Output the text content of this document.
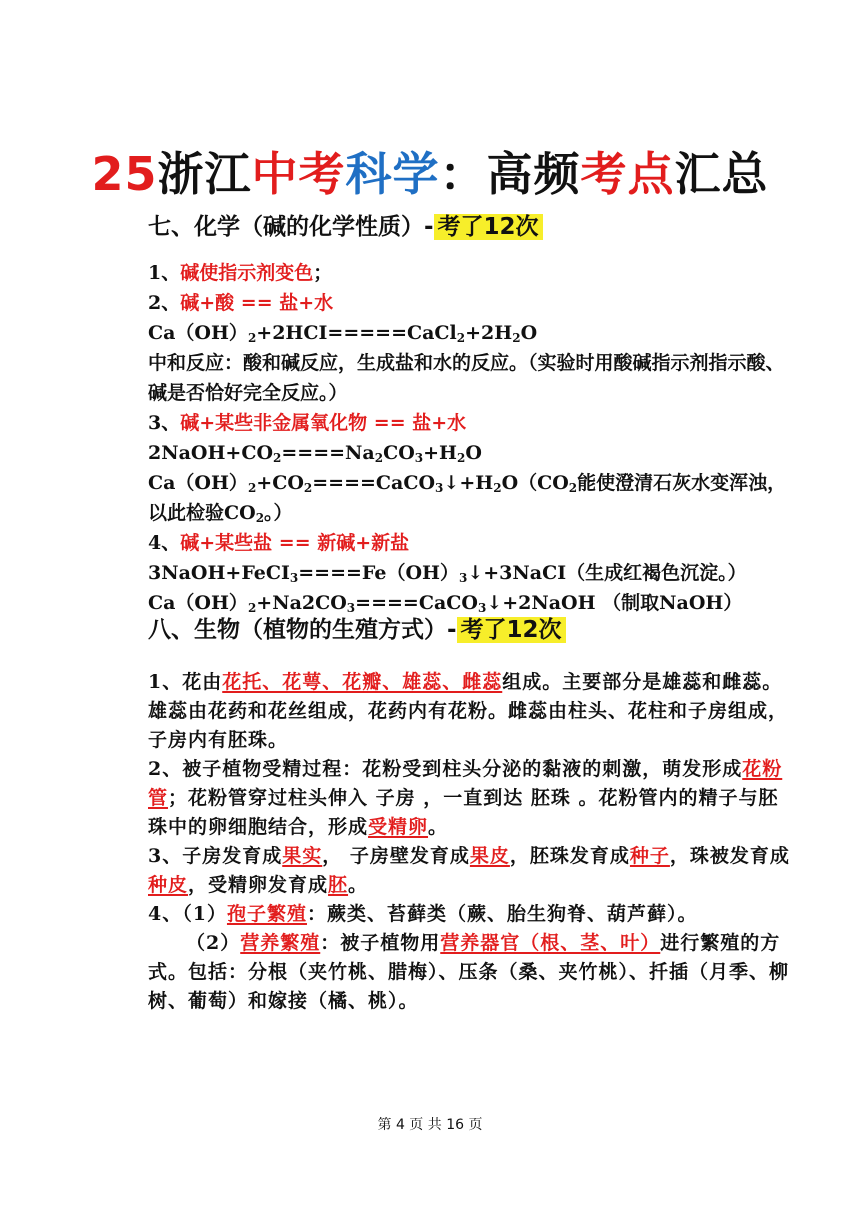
25浙江中考科学：高频考点汇总
七、化学（碱的化学性质）- 考了12次
1、碱使指示剂变色；
2、碱+酸 == 盐+水
$Ca(OH)_2+2HCI=====CaCl_2+2H_2O$
中和反应：酸和碱反应，生成盐和水的反应。（实验时用酸碱指示剂指示酸、碱是否恰好完全反应。）
3、碱+某些非金属氧化物 == 盐+水
$2NaOH+CO_2====Na_2CO_3+H_2O$
$Ca(OH)_2+CO_2====CaCO_3↓+H_2O(CO_2$能使澄清石灰水变浑浊，以此检验$CO_2$。）
4、碱+某些盐 == 新碱+新盐
$3NaOH+FeCI_3====Fe(OH)_3↓+3NaCI$（生成红褐色沉淀。）
$Ca(OH)_2+Na2CO_3====CaCO_3↓+2NaOH$ （制取NaOH）
八、生物（植物的生殖方式）- 考了12次
1、花由花托、花萼、花瓣、雄蕊、雌蕊组成。主要部分是雄蕊和雌蕊。雄蕊由花药和花丝组成，花药内有花粉。雌蕊由柱头、花柱和子房组成，子房内有胚珠。
2、被子植物受精过程：花粉受到柱头分泌的黏液的刺激，萌发形成花粉管；花粉管穿过柱头伸入 子房 ，一直到达 胚珠 。花粉管内的精子与胚珠中的卵细胞结合，形成受精卵。
3、子房发育成果实， 子房壁发育成果皮，胚珠发育成种子，珠被发育成种皮，受精卵发育成胚。
4、（1）孢子繁殖：蕨类、苔藓类（蕨、胎生狗脊、葫芦藓）。
（2）营养繁殖：被子植物用营养器官（根、茎、叶）进行繁殖的方式。包括：分根（夹竹桃、腊梅）、压条（桑、夹竹桃）、扦插（月季、柳树、葡萄）和嫁接（橘、桃）。
第 4 页 共 16 页
